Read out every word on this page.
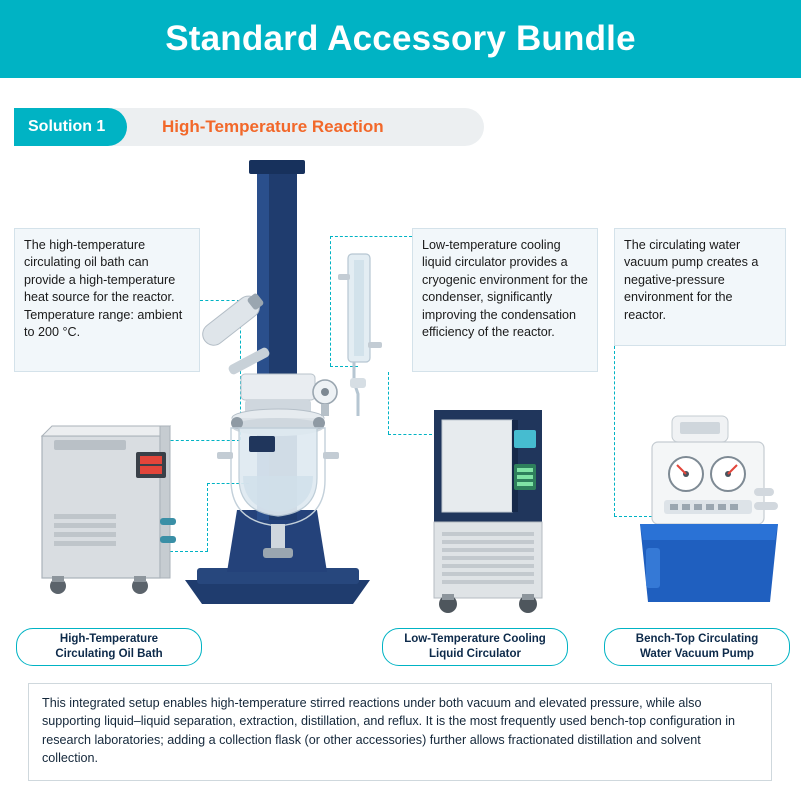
Standard Accessory Bundle
Solution 1	High-Temperature Reaction
The high-temperature circulating oil bath can provide a high-temperature heat source for the reactor. Temperature range: ambient to 200 °C.
Low-temperature cooling liquid circulator provides a cryogenic environment for the condenser, significantly improving the condensation efficiency of the reactor.
The circulating water vacuum pump creates a negative-pressure environment for the reactor.
High-Temperature
Circulating Oil Bath
Low-Temperature Cooling
Liquid Circulator
Bench-Top Circulating
Water Vacuum Pump
This integrated setup enables high-temperature stirred reactions under both vacuum and elevated pressure, while also supporting liquid–liquid separation, extraction, distillation, and reflux. It is the most frequently used bench-top configuration in research laboratories; adding a collection flask (or other accessories) further allows fractionated distillation and solvent collection.
